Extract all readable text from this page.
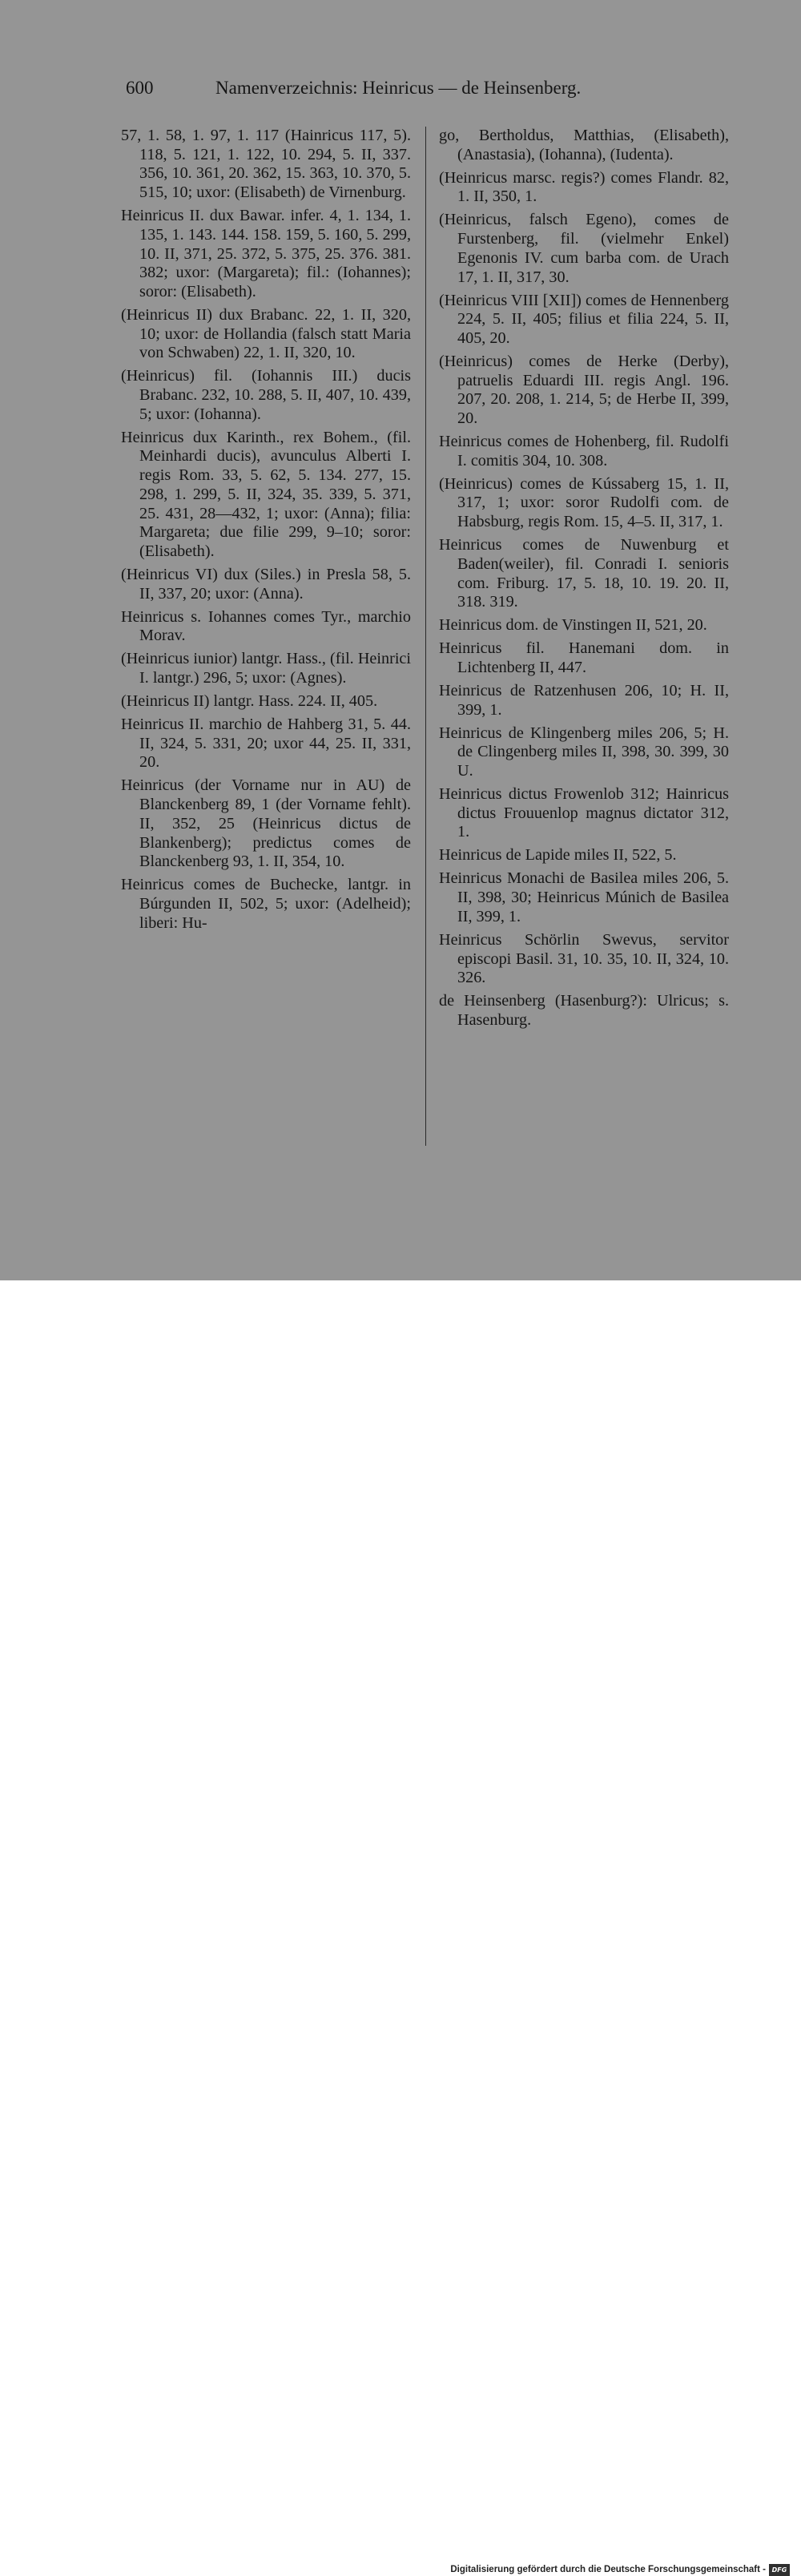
600	Namenverzeichnis: Heinricus — de Heinsenberg.

57, 1. 58, 1. 97, 1. 117 (Hainricus 117, 5). 118, 5. 121, 1. 122, 10. 294, 5. II, 337. 356, 10. 361, 20. 362, 15. 363, 10. 370, 5. 515, 10; uxor: (Elisabeth) de Virnenburg.

Heinricus II. dux Bawar. infer. 4, 1. 134, 1. 135, 1. 143. 144. 158. 159, 5. 160, 5. 299, 10. II, 371, 25. 372, 5. 375, 25. 376. 381. 382; uxor: (Margareta); fil.: (Iohannes); soror: (Elisabeth).

(Heinricus II) dux Brabanc. 22, 1. II, 320, 10; uxor: de Hollandia (falsch statt Maria von Schwaben) 22, 1. II, 320, 10.

(Heinricus) fil. (Iohannis III.) ducis Brabanc. 232, 10. 288, 5. II, 407, 10. 439, 5; uxor: (Iohanna).

Heinricus dux Karinth., rex Bohem., (fil. Meinhardi ducis), avunculus Alberti I. regis Rom. 33, 5. 62, 5. 134. 277, 15. 298, 1. 299, 5. II, 324, 35. 339, 5. 371, 25. 431, 28—432, 1; uxor: (Anna); filia: Margareta; due filie 299, 9–10; soror: (Elisabeth).

(Heinricus VI) dux (Siles.) in Presla 58, 5. II, 337, 20; uxor: (Anna).

Heinricus s. Iohannes comes Tyr., marchio Morav.

(Heinricus iunior) lantgr. Hass., (fil. Heinrici I. lantgr.) 296, 5; uxor: (Agnes).

(Heinricus II) lantgr. Hass. 224. II, 405.

Heinricus II. marchio de Hahberg 31, 5. 44. II, 324, 5. 331, 20; uxor 44, 25. II, 331, 20.

Heinricus (der Vorname nur in AU) de Blanckenberg 89, 1 (der Vorname fehlt). II, 352, 25 (Heinricus dictus de Blankenberg); predictus comes de Blanckenberg 93, 1. II, 354, 10.

Heinricus comes de Buchecke, lantgr. in Búrgunden II, 502, 5; uxor: (Adelheid); liberi: Hu-

go, Bertholdus, Matthias, (Elisabeth), (Anastasia), (Iohanna), (Iudenta).

(Heinricus marsc. regis?) comes Flandr. 82, 1. II, 350, 1.

(Heinricus, falsch Egeno), comes de Furstenberg, fil. (vielmehr Enkel) Egenonis IV. cum barba com. de Urach 17, 1. II, 317, 30.

(Heinricus VIII [XII]) comes de Hennenberg 224, 5. II, 405; filius et filia 224, 5. II, 405, 20.

(Heinricus) comes de Herke (Derby), patruelis Eduardi III. regis Angl. 196. 207, 20. 208, 1. 214, 5; de Herbe II, 399, 20.

Heinricus comes de Hohenberg, fil. Rudolfi I. comitis 304, 10. 308.

(Heinricus) comes de Kússaberg 15, 1. II, 317, 1; uxor: soror Rudolfi com. de Habsburg, regis Rom. 15, 4–5. II, 317, 1.

Heinricus comes de Nuwenburg et Baden(weiler), fil. Conradi I. senioris com. Friburg. 17, 5. 18, 10. 19. 20. II, 318. 319.

Heinricus dom. de Vinstingen II, 521, 20.

Heinricus fil. Hanemani dom. in Lichtenberg II, 447.

Heinricus de Ratzenhusen 206, 10; H. II, 399, 1.

Heinricus de Klingenberg miles 206, 5; H. de Clingenberg miles II, 398, 30. 399, 30 U.

Heinricus dictus Frowenlob 312; Hainricus dictus Frouuenlop magnus dictator 312, 1.

Heinricus de Lapide miles II, 522, 5.

Heinricus Monachi de Basilea miles 206, 5. II, 398, 30; Heinricus Múnich de Basilea II, 399, 1.

Heinricus Schörlin Swevus, servitor episcopi Basil. 31, 10. 35, 10. II, 324, 10. 326.

de Heinsenberg (Hasenburg?): Ulricus; s. Hasenburg.

Digitalisierung gefördert durch die Deutsche Forschungsgemeinschaft - DFG
